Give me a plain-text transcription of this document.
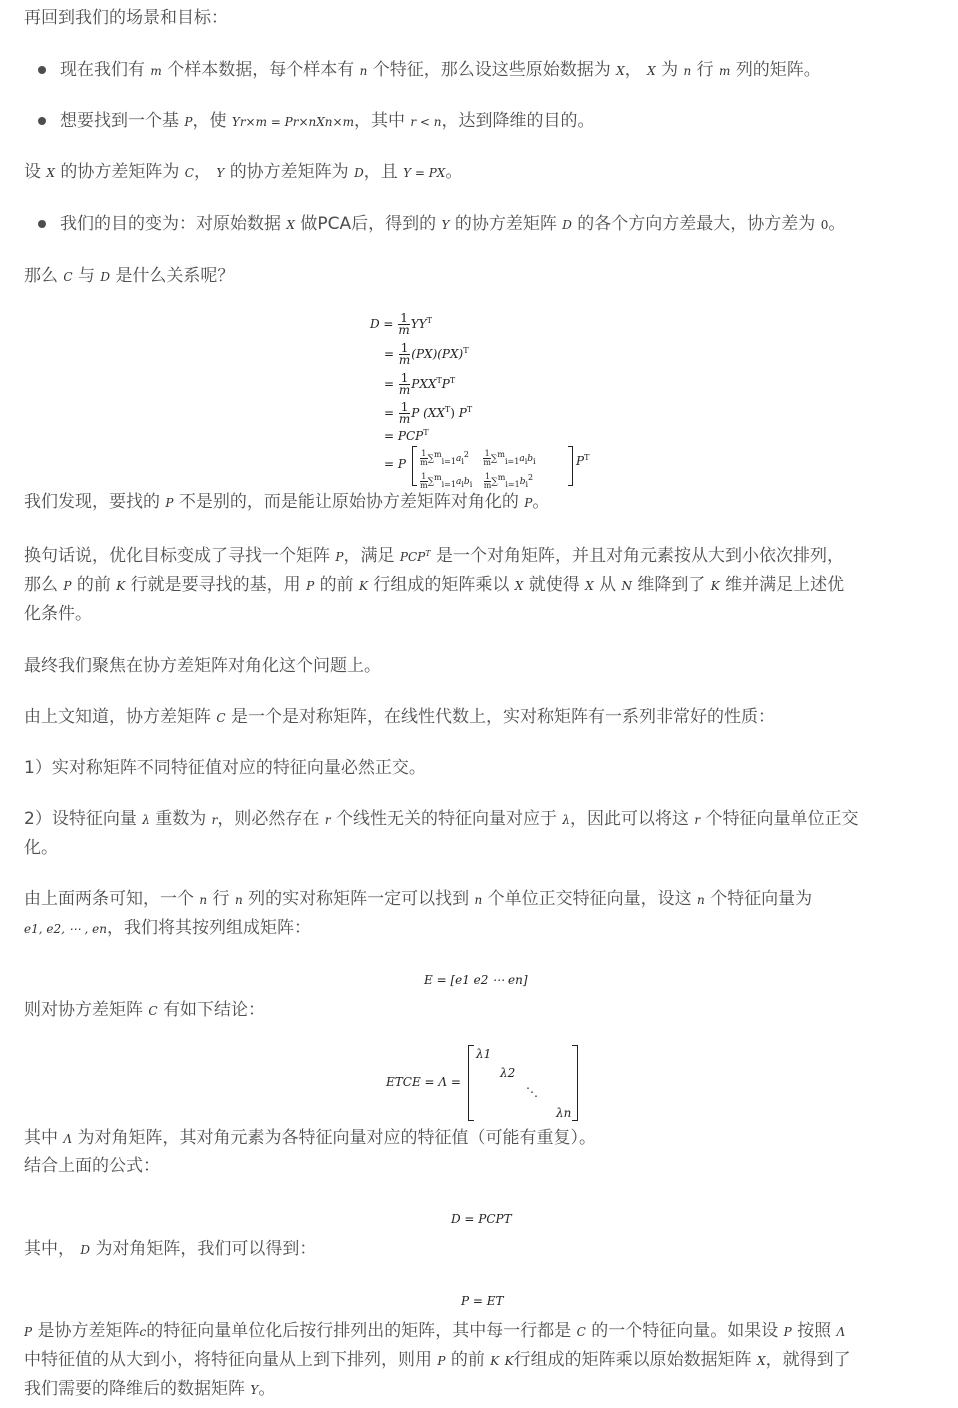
再回到我们的场景和目标：
现在我们有 m 个样本数据，每个样本有 n 个特征，那么设这些原始数据为 X， X 为 n 行 m 列的矩阵。
想要找到一个基 P，使 Yr×m = Pr×nXn×m，其中 r < n，达到降维的目的。
设 X 的协方差矩阵为 C， Y 的协方差矩阵为 D，且 Y = PX。
我们的目的变为：对原始数据 X 做PCA后，得到的 Y 的协方差矩阵 D 的各个方向方差最大，协方差为 0。
那么 C 与 D 是什么关系呢？
$D = \frac{1}{m} YY^T$
= $\frac{1}{m} (PX)(PX)^T$
= $\frac{1}{m} PXX^TP^T$
= $\frac{1}{m}$ P $(XX^T)$ $P^T$
= $PCP^T$
= P $\frac{1}{m}\sum^m_{i=1}a_i^2 \frac{1}{m}\sum^m_{i=1}a_ib_i$

$\frac{1}{m}\sum^m_{i=1}a_ib_i \frac{1}{m}\sum^m_{i=1}b_i^2$
$P^T$
我们发现，要找的 P 不是别的，而是能让原始协方差矩阵对角化的 P。
换句话说，优化目标变成了寻找一个矩阵 P，满足 $PCP^T$ 是一个对角矩阵，并且对角元素按从大到小依次排列，
那么 P 的前 K 行就是要寻找的基，用 P 的前 K 行组成的矩阵乘以 X 就使得 X 从 N 维降到了 K 维并满足上述优
化条件。
最终我们聚焦在协方差矩阵对角化这个问题上。
由上文知道，协方差矩阵 C 是一个是对称矩阵，在线性代数上，实对称矩阵有一系列非常好的性质：
1）实对称矩阵不同特征值对应的特征向量必然正交。
2）设特征向量 λ 重数为 r，则必然存在 r 个线性无关的特征向量对应于 λ，因此可以将这 r 个特征向量单位正交
化。
由上面两条可知，一个 n 行 n 列的实对称矩阵一定可以找到 n 个单位正交特征向量，设这 n 个特征向量为
e1, e2, ⋯ , en，我们将其按列组成矩阵：
E = [e1 e2 ⋯ en]
则对协方差矩阵 C 有如下结论：
ETCE = Λ =
λ1
λ2
⋱
λn
其中 Λ 为对角矩阵，其对角元素为各特征向量对应的特征值（可能有重复）。
结合上面的公式：
D = PCPT
其中， D 为对角矩阵，我们可以得到：
P = ET
P 是协方差矩阵c的特征向量单位化后按行排列出的矩阵，其中每一行都是 C 的一个特征向量。如果设 P 按照 Λ
中特征值的从大到小，将特征向量从上到下排列，则用 P 的前 K K行组成的矩阵乘以原始数据矩阵 X，就得到了
我们需要的降维后的数据矩阵 Y。
